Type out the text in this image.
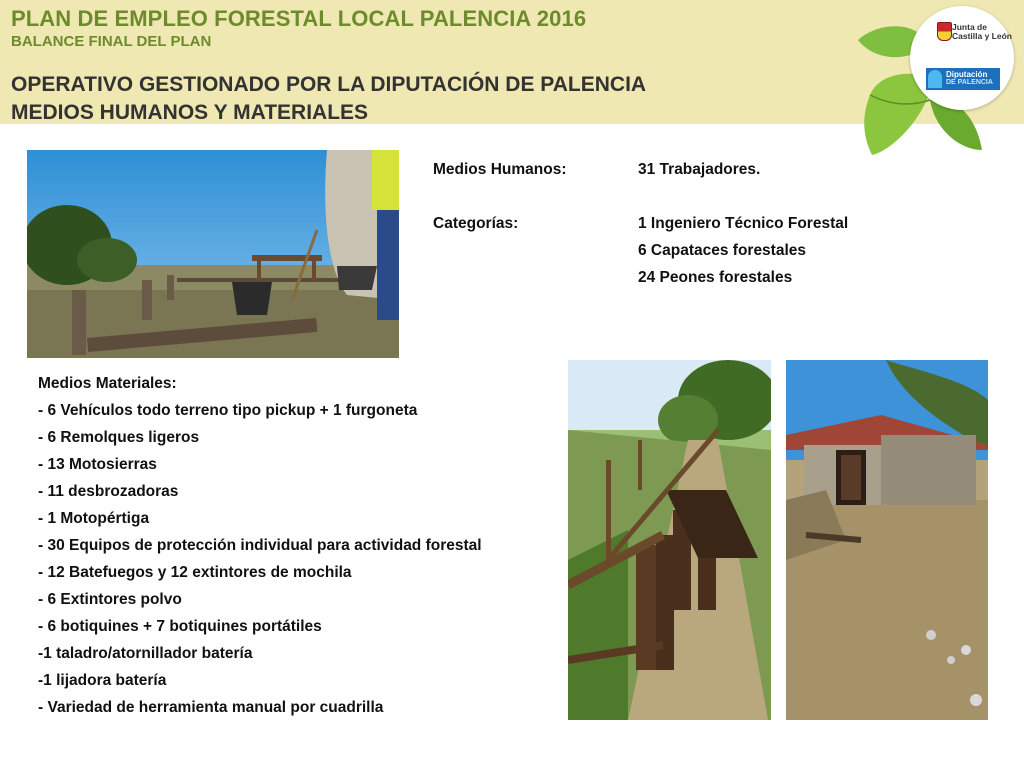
PLAN DE EMPLEO FORESTAL LOCAL PALENCIA 2016
BALANCE FINAL DEL PLAN
OPERATIVO GESTIONADO POR LA DIPUTACIÓN DE PALENCIA
MEDIOS HUMANOS Y MATERIALES
Junta de
Castilla y León
Diputación
DE PALENCIA
Medios Humanos:	31 Trabajadores.
Categorías:	1 Ingeniero Técnico Forestal
6 Capataces forestales
24 Peones forestales
Medios Materiales:
- 6 Vehículos todo terreno tipo pickup + 1 furgoneta
- 6 Remolques ligeros
- 13 Motosierras
- 11 desbrozadoras
- 1 Motopértiga
- 30 Equipos de protección individual para actividad forestal
- 12 Batefuegos y 12 extintores de mochila
- 6 Extintores polvo
- 6 botiquines + 7 botiquines portátiles
-1 taladro/atornillador batería
-1 lijadora batería
- Variedad de herramienta manual por cuadrilla
